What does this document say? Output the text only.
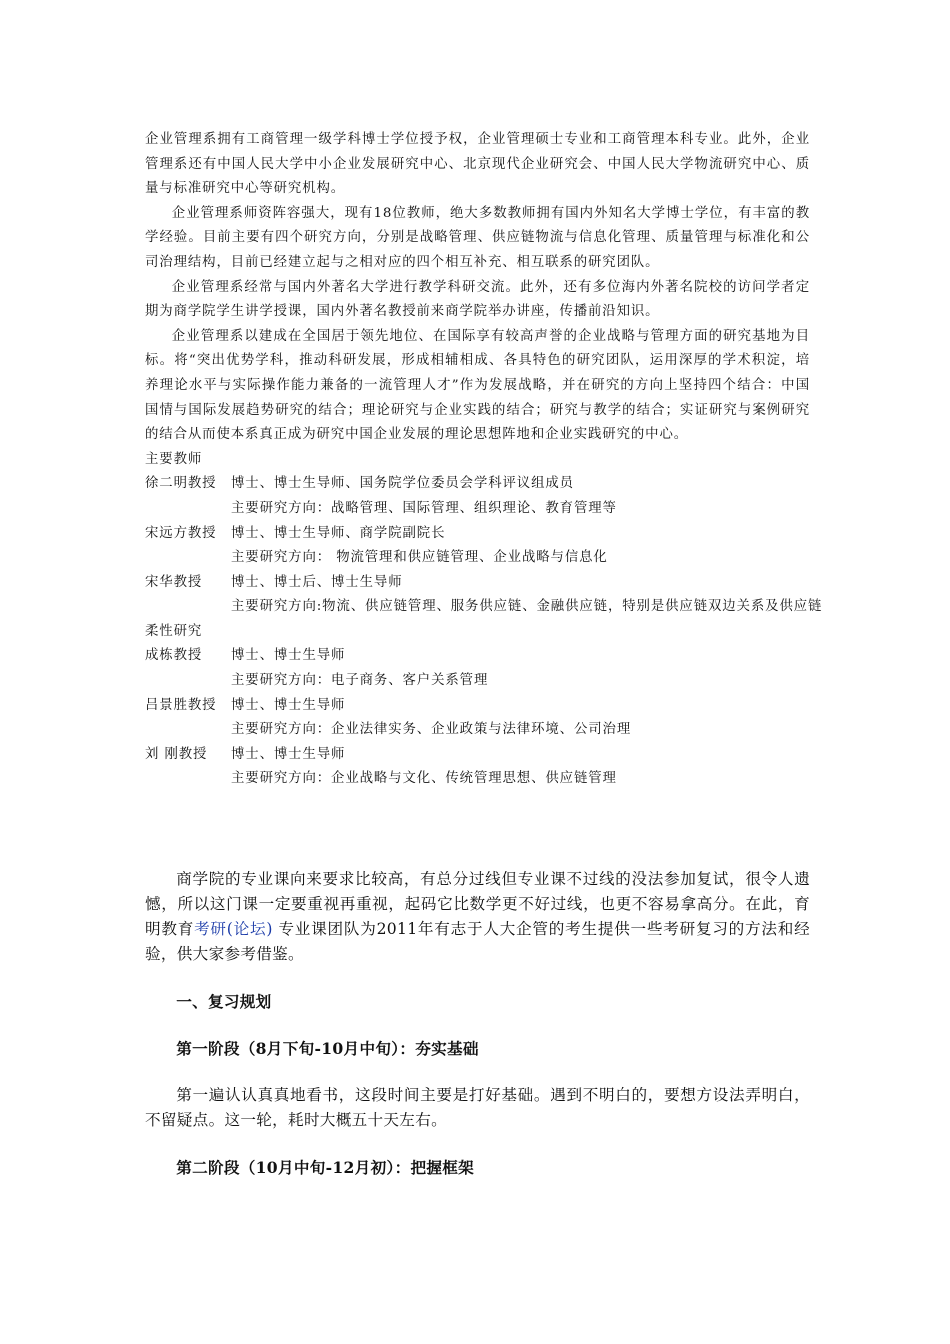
企业管理系拥有工商管理一级学科博士学位授予权，企业管理硕士专业和工商管理本科专业。此外，企业管理系还有中国人民大学中小企业发展研究中心、北京现代企业研究会、中国人民大学物流研究中心、质量与标准研究中心等研究机构。

企业管理系师资阵容强大，现有18位教师，绝大多数教师拥有国内外知名大学博士学位，有丰富的教学经验。目前主要有四个研究方向，分别是战略管理、供应链物流与信息化管理、质量管理与标准化和公司治理结构，目前已经建立起与之相对应的四个相互补充、相互联系的研究团队。

企业管理系经常与国内外著名大学进行教学科研交流。此外，还有多位海内外著名院校的访问学者定期为商学院学生讲学授课，国内外著名教授前来商学院举办讲座，传播前沿知识。

企业管理系以建成在全国居于领先地位、在国际享有较高声誉的企业战略与管理方面的研究基地为目标。将“突出优势学科，推动科研发展，形成相辅相成、各具特色的研究团队，运用深厚的学术积淀，培养理论水平与实际操作能力兼备的一流管理人才”作为发展战略，并在研究的方向上坚持四个结合：中国国情与国际发展趋势研究的结合；理论研究与企业实践的结合；研究与教学的结合；实证研究与案例研究的结合从而使本系真正成为研究中国企业发展的理论思想阵地和企业实践研究的中心。

主要教师

徐二明教授	博士、博士生导师、国务院学位委员会学科评议组成员
主要研究方向：战略管理、国际管理、组织理论、教育管理等
宋远方教授	博士、博士生导师、商学院副院长
主要研究方向： 物流管理和供应链管理、企业战略与信息化
宋华教授	博士、博士后、博士生导师
主要研究方向:物流、供应链管理、服务供应链、金融供应链，特别是供应链双边关系及供应链
柔性研究
成栋教授	博士、博士生导师
主要研究方向：电子商务、客户关系管理
吕景胜教授	博士、博士生导师
主要研究方向：企业法律实务、企业政策与法律环境、公司治理
刘 刚教授	博士、博士生导师
主要研究方向：企业战略与文化、传统管理思想、供应链管理

商学院的专业课向来要求比较高，有总分过线但专业课不过线的没法参加复试，很令人遗憾，所以这门课一定要重视再重视，起码它比数学更不好过线，也更不容易拿高分。在此，育明教育考研(论坛) 专业课团队为2011年有志于人大企管的考生提供一些考研复习的方法和经验，供大家参考借鉴。

一、复习规划

第一阶段（8月下旬-10月中旬）：夯实基础

第一遍认认真真地看书，这段时间主要是打好基础。遇到不明白的，要想方设法弄明白，不留疑点。这一轮，耗时大概五十天左右。

第二阶段（10月中旬-12月初）：把握框架
